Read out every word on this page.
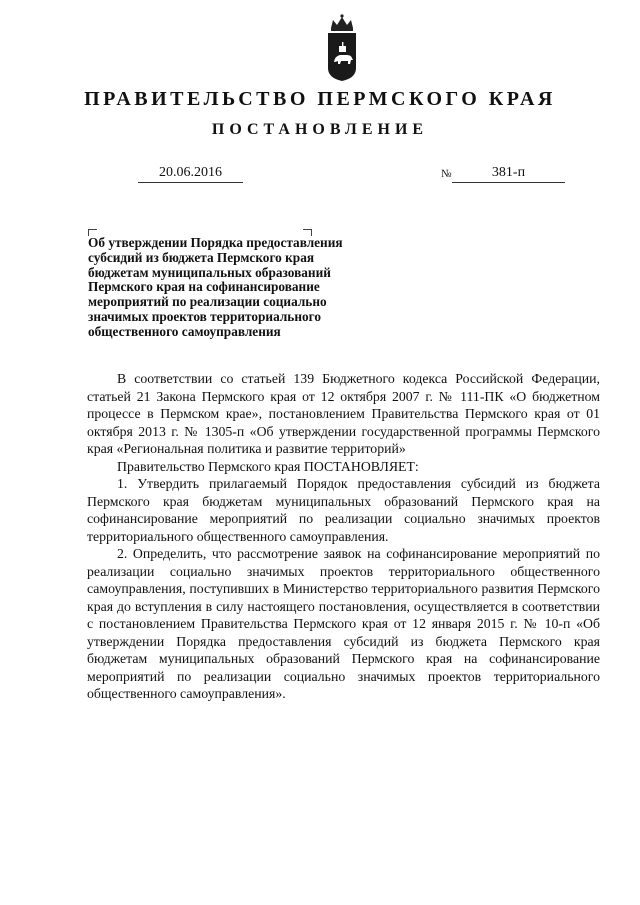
ПРАВИТЕЛЬСТВО ПЕРМСКОГО КРАЯ
ПОСТАНОВЛЕНИЕ
20.06.2016	№	381-п
Об утверждении Порядка предоставления
субсидий из бюджета Пермского края
бюджетам муниципальных образований
Пермского края на софинансирование
мероприятий по реализации социально
значимых проектов территориального
общественного самоуправления

В соответствии со статьей 139 Бюджетного кодекса Российской Федерации, статьей 21 Закона Пермского края от 12 октября 2007 г. № 111-ПК «О бюджетном процессе в Пермском крае», постановлением Правительства Пермского края от 01 октября 2013 г. № 1305-п «Об утверждении государственной программы Пермского края «Региональная политика и развитие территорий»

Правительство Пермского края ПОСТАНОВЛЯЕТ:

1. Утвердить прилагаемый Порядок предоставления субсидий из бюджета Пермского края бюджетам муниципальных образований Пермского края на софинансирование мероприятий по реализации социально значимых проектов территориального общественного самоуправления.

2. Определить, что рассмотрение заявок на софинансирование мероприятий по реализации социально значимых проектов территориального общественного самоуправления, поступивших в Министерство территориального развития Пермского края до вступления в силу настоящего постановления, осуществляется в соответствии с постановлением Правительства Пермского края от 12 января 2015 г. № 10-п «Об утверждении Порядка предоставления субсидий из бюджета Пермского края бюджетам муниципальных образований Пермского края на софинансирование мероприятий по реализации социально значимых проектов территориального общественного самоуправления».
